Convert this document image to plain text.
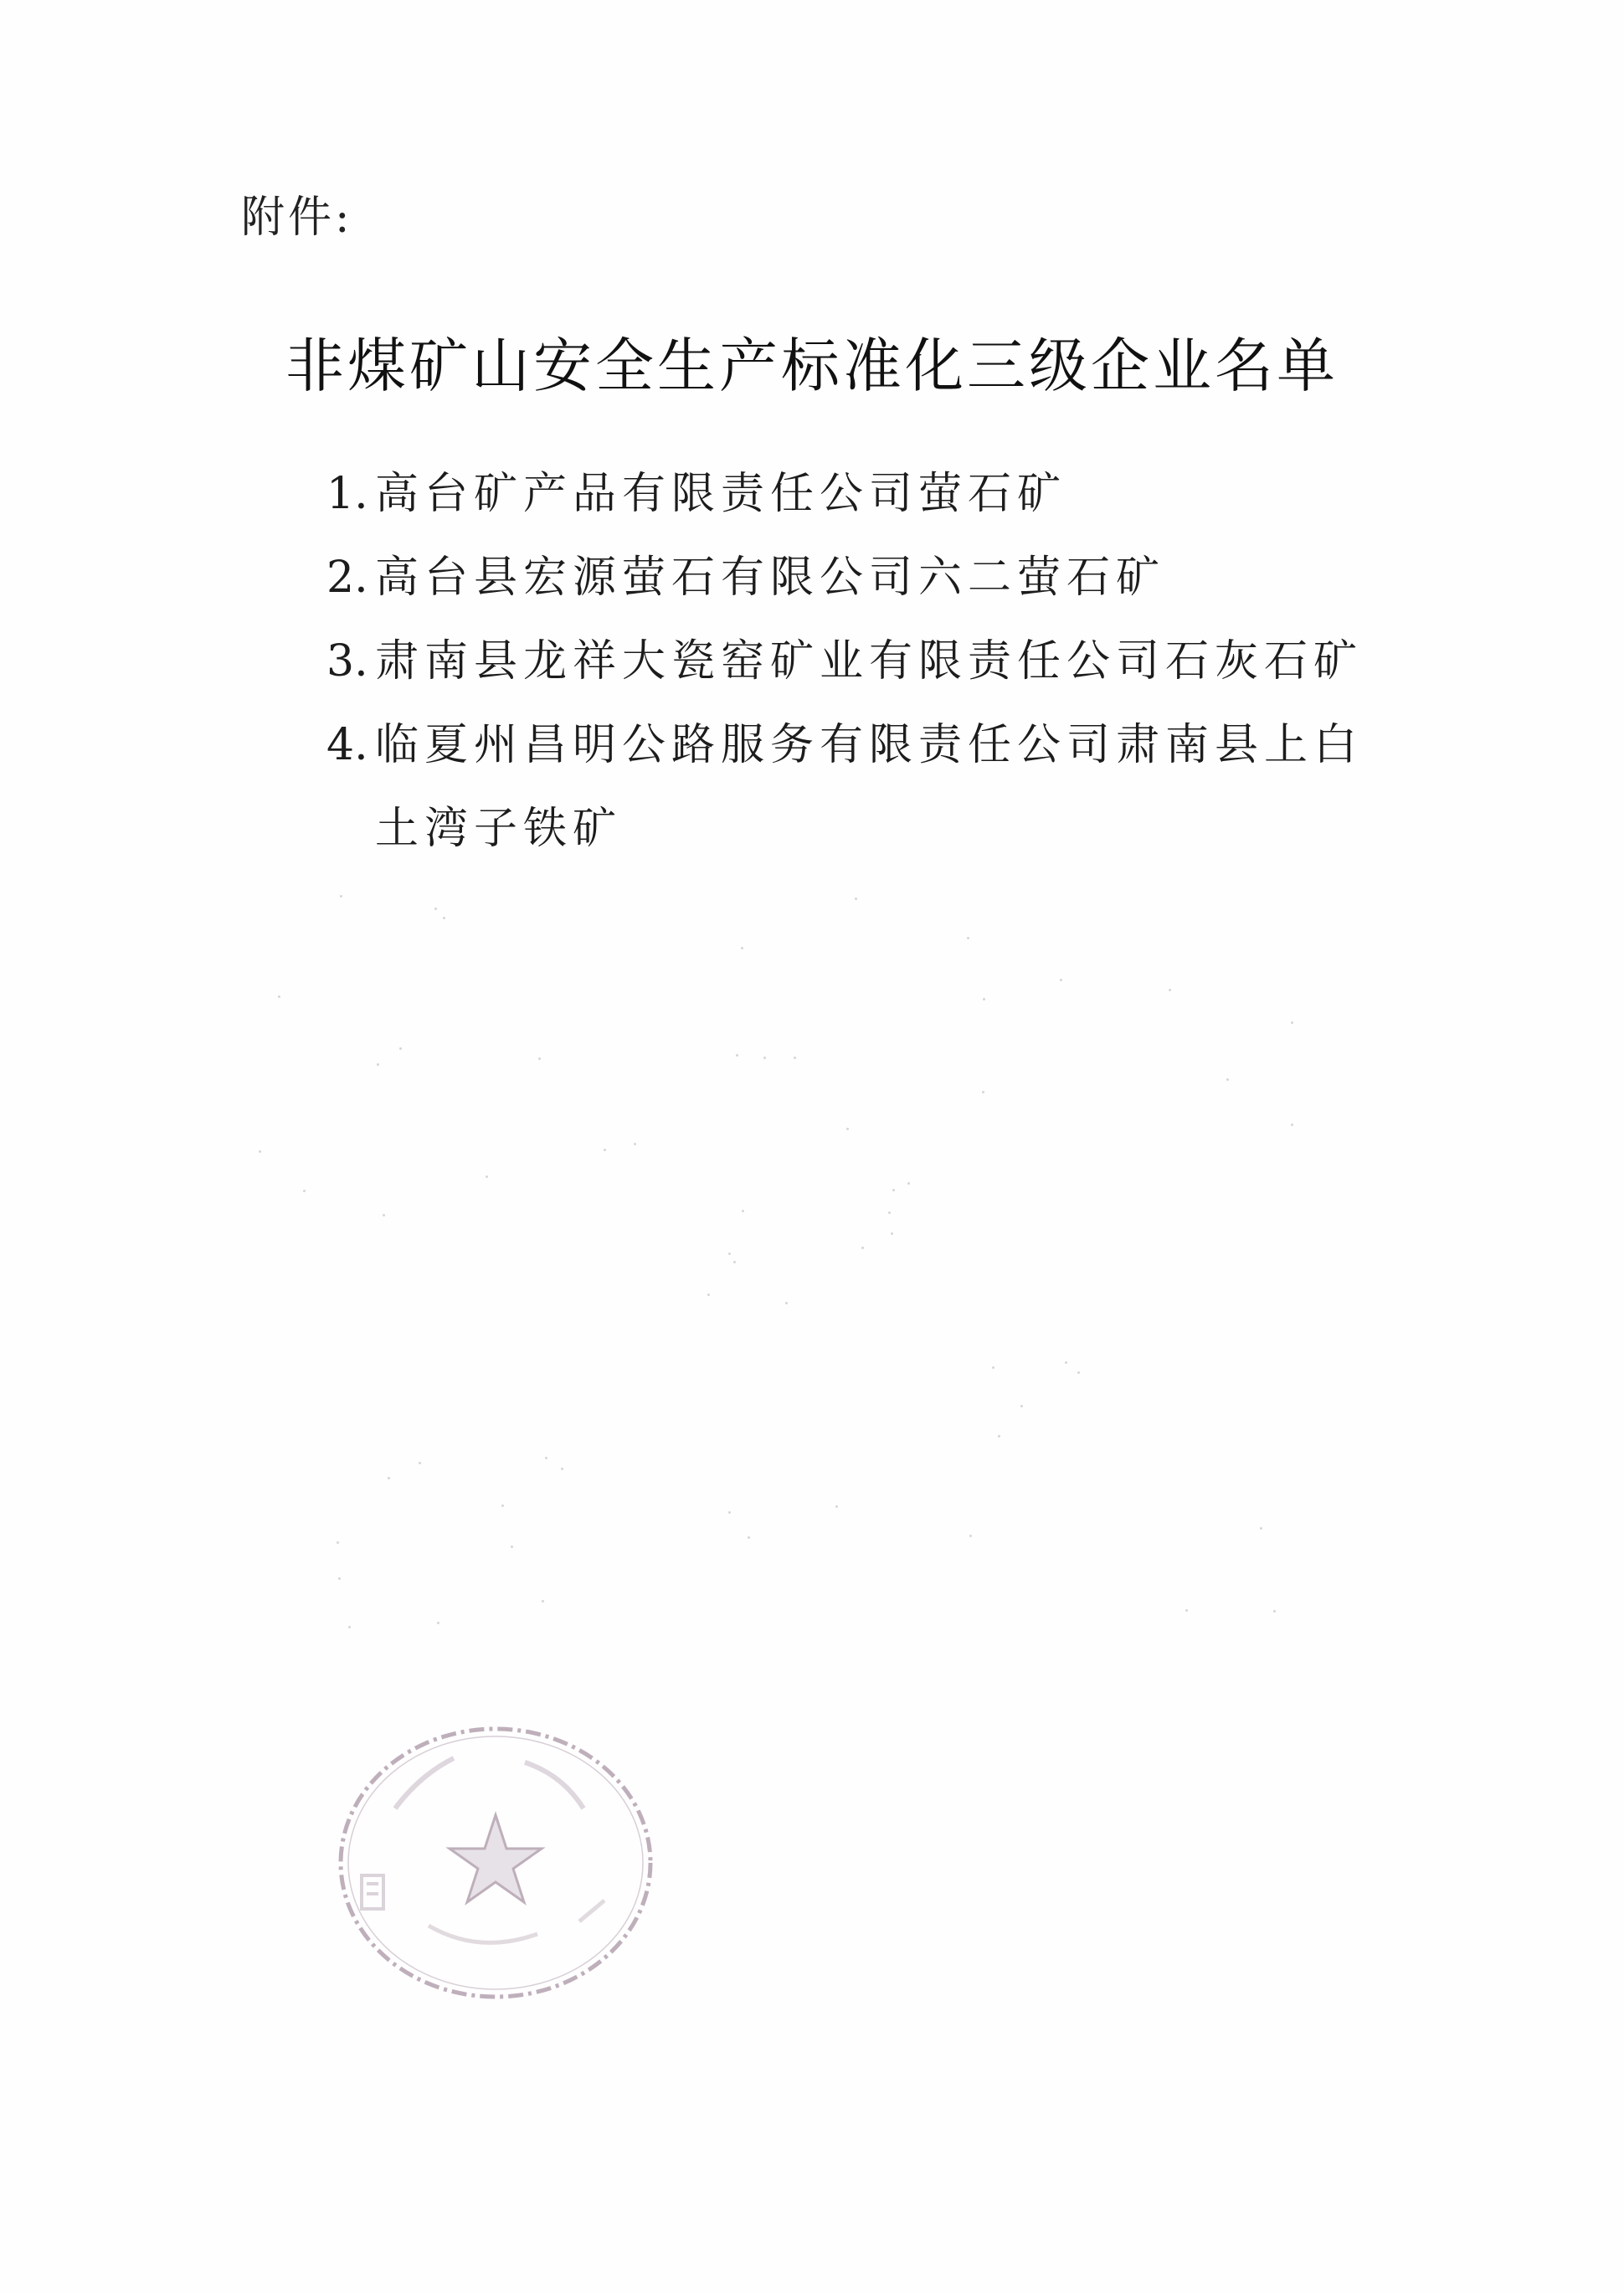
附件:
非煤矿山安全生产标准化三级企业名单
1. 高台矿产品有限责任公司萤石矿
2. 高台县宏源萤石有限公司六二萤石矿
3. 肃南县龙祥大瓷窑矿业有限责任公司石灰石矿
4. 临夏州昌明公路服务有限责任公司肃南县上白土湾子铁矿
